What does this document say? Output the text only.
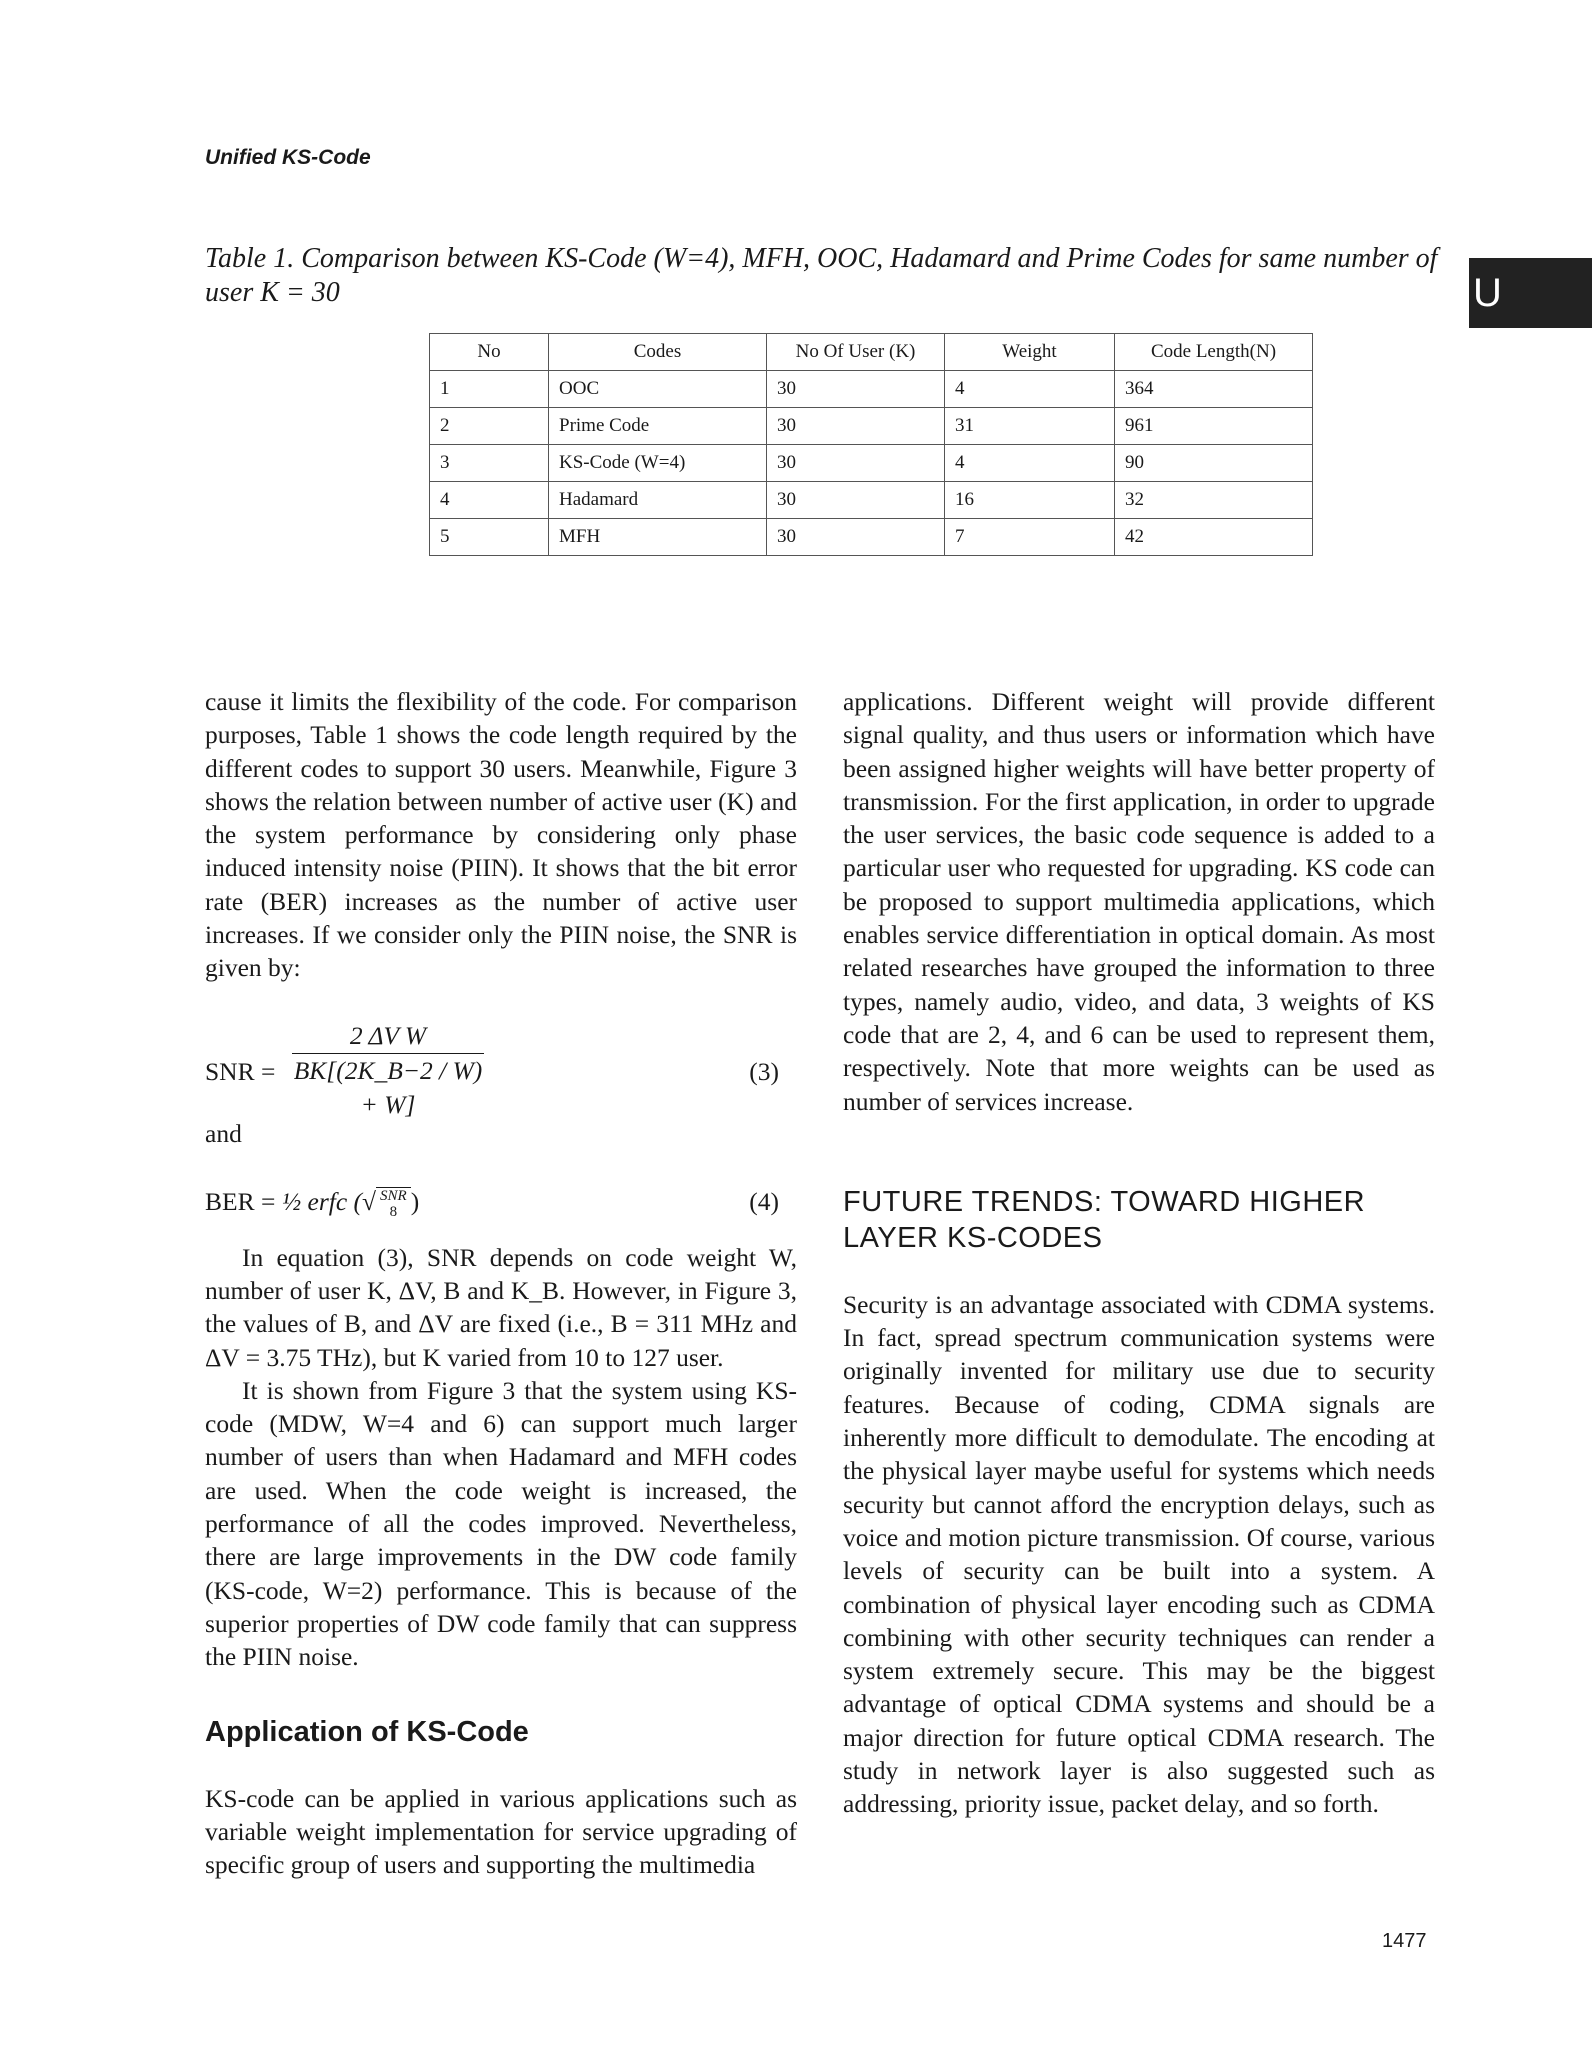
Unified KS-Code
Table 1. Comparison between KS-Code (W=4), MFH, OOC, Hadamard and Prime Codes for same number of user K = 30	U
No	Codes	No Of User (K)	Weight	Code Length(N)
1	OOC	30	4	364
2	Prime Code	30	31	961
3	KS-Code (W=4)	30	4	90
4	Hadamard	30	16	32
5	MFH	30	7	42

cause it limits the flexibility of the code. For comparison purposes, Table 1 shows the code length required by the different codes to support 30 users. Meanwhile, Figure 3 shows the relation between number of active user (K) and the system performance by considering only phase induced intensity noise (PIIN). It shows that the bit error rate (BER) increases as the number of active user increases. If we consider only the PIIN noise, the SNR is given by:

SNR = $\frac{\text{2 ΔV W}}{BK[(2K\_B-2 / W) + W]}$	(3)

and

BER = ½ erfc (√ SNR
8 )	(4)

In equation (3), SNR depends on code weight W, number of user K, ΔV, B and K_B. However, in Figure 3, the values of B, and ΔV are fixed (i.e., B = 311 MHz and ΔV = 3.75 THz), but K varied from 10 to 127 user.

It is shown from Figure 3 that the system using KS-code (MDW, W=4 and 6) can support much larger number of users than when Hadamard and MFH codes are used. When the code weight is increased, the performance of all the codes improved. Nevertheless, there are large improvements in the DW code family (KS-code, W=2) performance. This is because of the superior properties of DW code family that can suppress the PIIN noise.

Application of KS-Code

KS-code can be applied in various applications such as variable weight implementation for service upgrading of specific group of users and supporting the multimedia

applications. Different weight will provide different signal quality, and thus users or information which have been assigned higher weights will have better property of transmission. For the first application, in order to upgrade the user services, the basic code sequence is added to a particular user who requested for upgrading. KS code can be proposed to support multimedia applications, which enables service differentiation in optical domain. As most related researches have grouped the information to three types, namely audio, video, and data, 3 weights of KS code that are 2, 4, and 6 can be used to represent them, respectively. Note that more weights can be used as number of services increase.

FUTURE TRENDS: TOWARD HIGHER LAYER KS-CODES

Security is an advantage associated with CDMA systems. In fact, spread spectrum communication systems were originally invented for military use due to security features. Because of coding, CDMA signals are inherently more difficult to demodulate. The encoding at the physical layer maybe useful for systems which needs security but cannot afford the encryption delays, such as voice and motion picture transmission. Of course, various levels of security can be built into a system. A combination of physical layer encoding such as CDMA combining with other security techniques can render a system extremely secure. This may be the biggest advantage of optical CDMA systems and should be a major direction for future optical CDMA research. The study in network layer is also suggested such as addressing, priority issue, packet delay, and so forth.

1477
